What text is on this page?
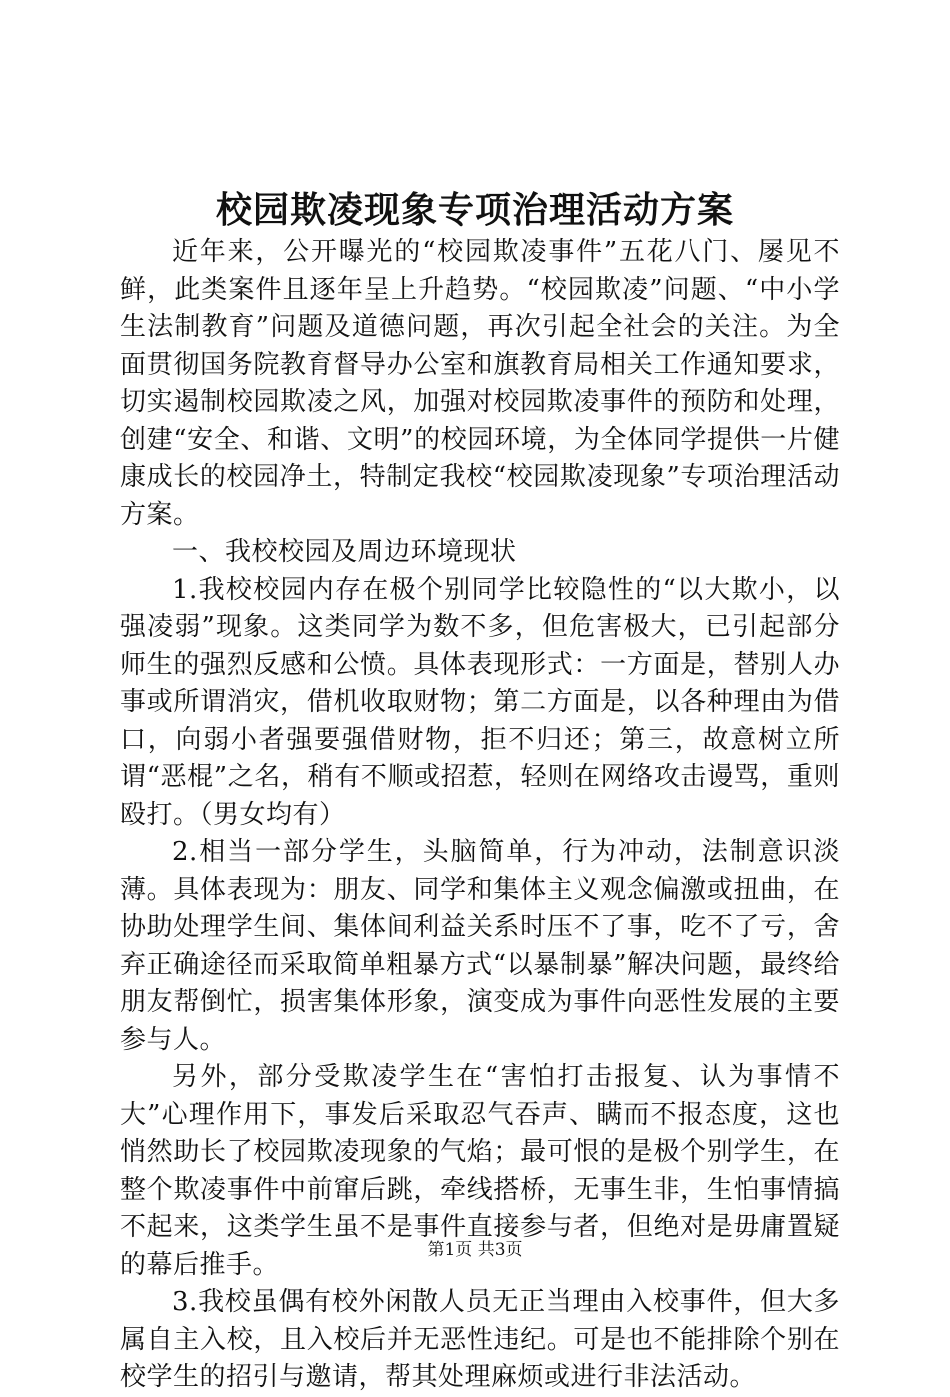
校园欺凌现象专项治理活动方案

近年来，公开曝光的“校园欺凌事件”五花八门、屡见不鲜，此类案件且逐年呈上升趋势。“校园欺凌”问题、“中小学生法制教育”问题及道德问题，再次引起全社会的关注。为全面贯彻国务院教育督导办公室和旗教育局相关工作通知要求，切实遏制校园欺凌之风，加强对校园欺凌事件的预防和处理，创建“安全、和谐、文明”的校园环境，为全体同学提供一片健康成长的校园净土，特制定我校“校园欺凌现象”专项治理活动方案。

一、我校校园及周边环境现状

1.我校校园内存在极个别同学比较隐性的“以大欺小，以强凌弱”现象。这类同学为数不多，但危害极大，已引起部分师生的强烈反感和公愤。具体表现形式：一方面是，替别人办事或所谓消灾，借机收取财物；第二方面是，以各种理由为借口，向弱小者强要强借财物，拒不归还；第三，故意树立所谓“恶棍”之名，稍有不顺或招惹，轻则在网络攻击谩骂，重则殴打。（男女均有）

2.相当一部分学生，头脑简单，行为冲动，法制意识淡薄。具体表现为：朋友、同学和集体主义观念偏激或扭曲，在协助处理学生间、集体间利益关系时压不了事，吃不了亏，舍弃正确途径而采取简单粗暴方式“以暴制暴”解决问题，最终给朋友帮倒忙，损害集体形象，演变成为事件向恶性发展的主要参与人。

另外，部分受欺凌学生在“害怕打击报复、认为事情不大”心理作用下，事发后采取忍气吞声、瞒而不报态度，这也悄然助长了校园欺凌现象的气焰；最可恨的是极个别学生，在整个欺凌事件中前窜后跳，牵线搭桥，无事生非，生怕事情搞不起来，这类学生虽不是事件直接参与者，但绝对是毋庸置疑的幕后推手。

3.我校虽偶有校外闲散人员无正当理由入校事件，但大多属自主入校，且入校后并无恶性违纪。可是也不能排除个别在校学生的招引与邀请，帮其处理麻烦或进行非法活动。

第1页 共3页
